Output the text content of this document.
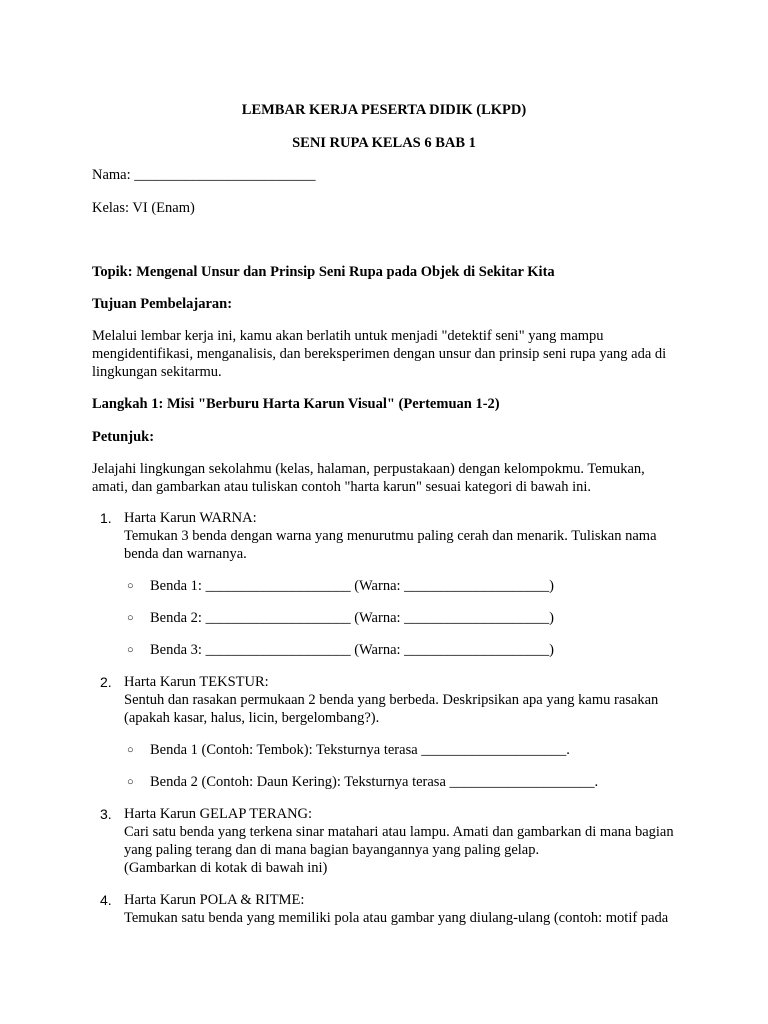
LEMBAR KERJA PESERTA DIDIK (LKPD)
SENI RUPA KELAS 6 BAB 1
Nama: _________________________
Kelas: VI (Enam)
Topik: Mengenal Unsur dan Prinsip Seni Rupa pada Objek di Sekitar Kita
Tujuan Pembelajaran:
Melalui lembar kerja ini, kamu akan berlatih untuk menjadi "detektif seni" yang mampu mengidentifikasi, menganalisis, dan bereksperimen dengan unsur dan prinsip seni rupa yang ada di lingkungan sekitarmu.
Langkah 1: Misi "Berburu Harta Karun Visual" (Pertemuan 1-2)
Petunjuk:
Jelajahi lingkungan sekolahmu (kelas, halaman, perpustakaan) dengan kelompokmu. Temukan, amati, dan gambarkan atau tuliskan contoh "harta karun" sesuai kategori di bawah ini.
1. Harta Karun WARNA:
Temukan 3 benda dengan warna yang menurutmu paling cerah dan menarik. Tuliskan nama benda dan warnanya.
○ Benda 1: ____________________ (Warna: ____________________)
○ Benda 2: ____________________ (Warna: ____________________)
○ Benda 3: ____________________ (Warna: ____________________)
2. Harta Karun TEKSTUR:
Sentuh dan rasakan permukaan 2 benda yang berbeda. Deskripsikan apa yang kamu rasakan (apakah kasar, halus, licin, bergelombang?).
○ Benda 1 (Contoh: Tembok): Teksturnya terasa ____________________.
○ Benda 2 (Contoh: Daun Kering): Teksturnya terasa ____________________.
3. Harta Karun GELAP TERANG:
Cari satu benda yang terkena sinar matahari atau lampu. Amati dan gambarkan di mana bagian yang paling terang dan di mana bagian bayangannya yang paling gelap.
(Gambarkan di kotak di bawah ini)
4. Harta Karun POLA & RITME:
Temukan satu benda yang memiliki pola atau gambar yang diulang-ulang (contoh: motif pada
